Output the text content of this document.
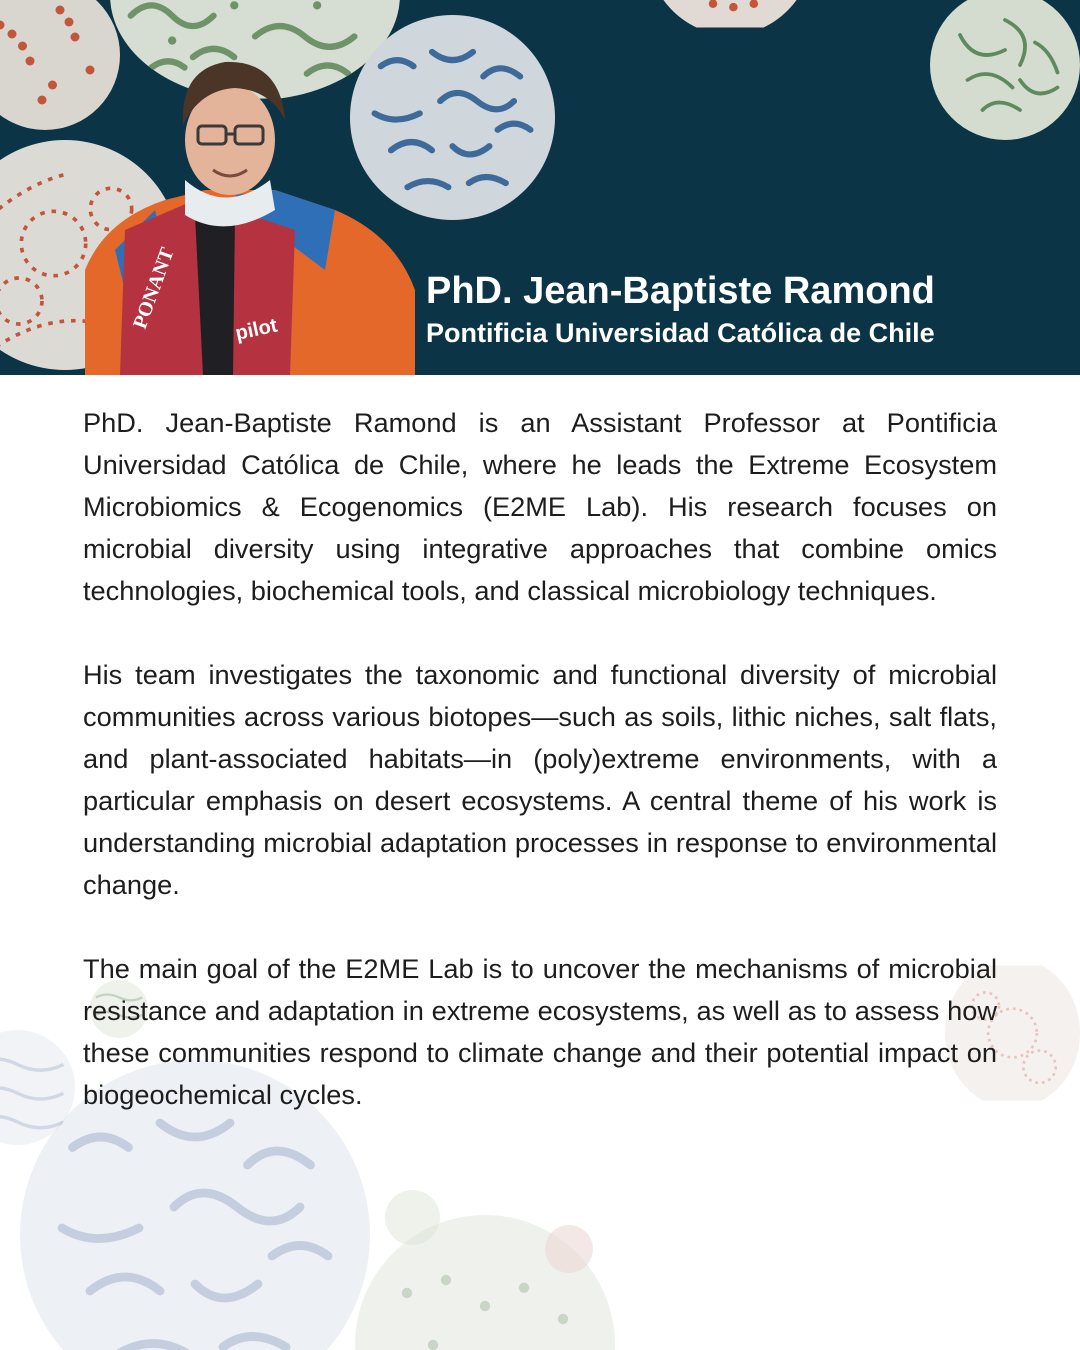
PONANT	pilot
PhD. Jean-Baptiste Ramond
Pontificia Universidad Católica de Chile

PhD. Jean-Baptiste Ramond is an Assistant Professor at Pontificia Universidad Católica de Chile, where he leads the Extreme Ecosystem Microbiomics & Ecogenomics (E2ME Lab). His research focuses on microbial diversity using integrative approaches that combine omics technologies, biochemical tools, and classical microbiology techniques.

His team investigates the taxonomic and functional diversity of microbial communities across various biotopes—such as soils, lithic niches, salt flats, and plant-associated habitats—in (poly)extreme environments, with a particular emphasis on desert ecosystems. A central theme of his work is understanding microbial adaptation processes in response to environmental change.

The main goal of the E2ME Lab is to uncover the mechanisms of microbial resistance and adaptation in extreme ecosystems, as well as to assess how these communities respond to climate change and their potential impact on biogeochemical cycles.
